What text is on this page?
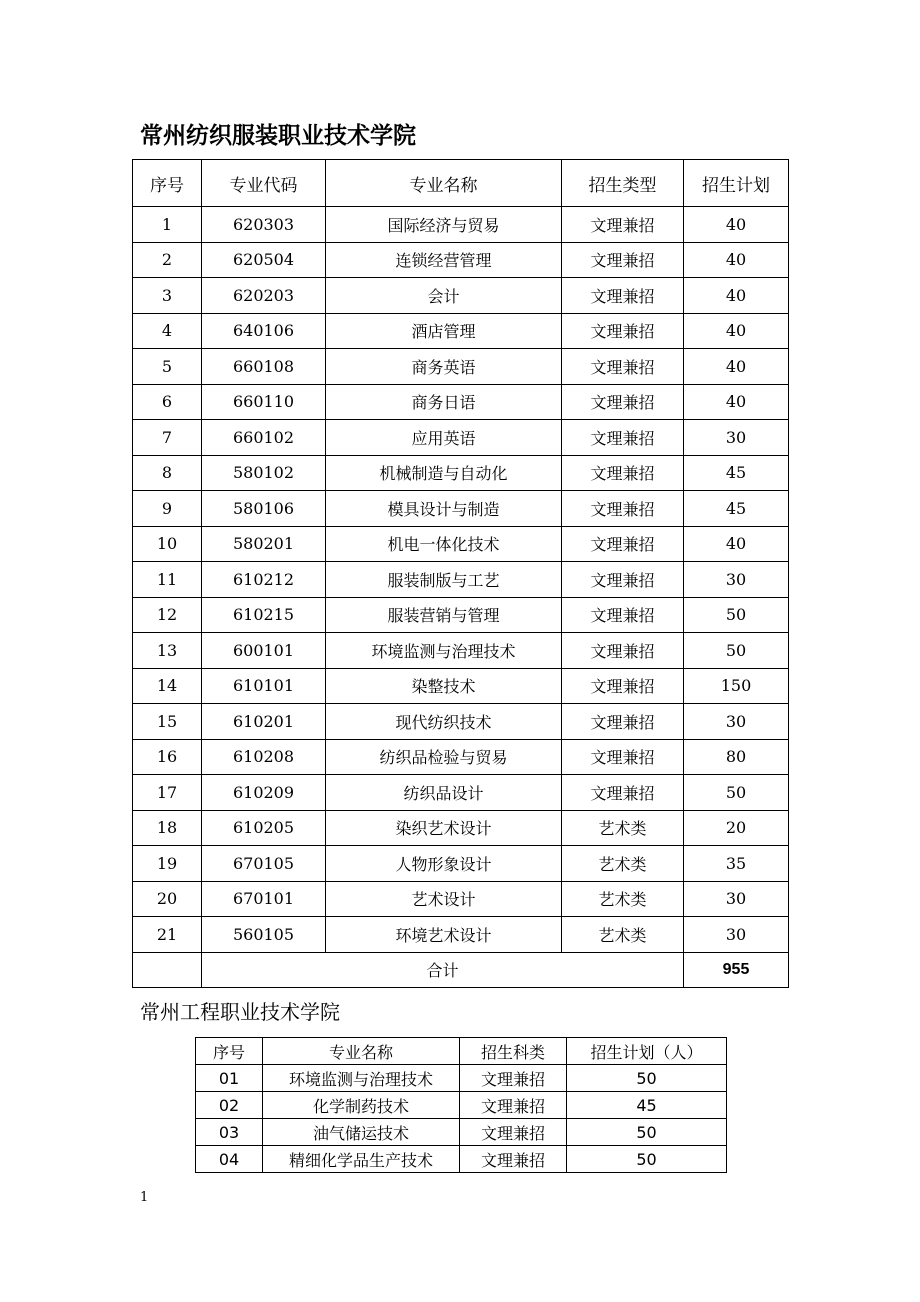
常州纺织服装职业技术学院
序号	专业代码	专业名称	招生类型	招生计划
1	620303	国际经济与贸易	文理兼招	40
2	620504	连锁经营管理	文理兼招	40
3	620203	会计	文理兼招	40
4	640106	酒店管理	文理兼招	40
5	660108	商务英语	文理兼招	40
6	660110	商务日语	文理兼招	40
7	660102	应用英语	文理兼招	30
8	580102	机械制造与自动化	文理兼招	45
9	580106	模具设计与制造	文理兼招	45
10	580201	机电一体化技术	文理兼招	40
11	610212	服装制版与工艺	文理兼招	30
12	610215	服装营销与管理	文理兼招	50
13	600101	环境监测与治理技术	文理兼招	50
14	610101	染整技术	文理兼招	150
15	610201	现代纺织技术	文理兼招	30
16	610208	纺织品检验与贸易	文理兼招	80
17	610209	纺织品设计	文理兼招	50
18	610205	染织艺术设计	艺术类	20
19	670105	人物形象设计	艺术类	35
20	670101	艺术设计	艺术类	30
21	560105	环境艺术设计	艺术类	30
	合计			955
常州工程职业技术学院
序号	专业名称	招生科类	招生计划（人）
01	环境监测与治理技术	文理兼招	50
02	化学制药技术	文理兼招	45
03	油气储运技术	文理兼招	50
04	精细化学品生产技术	文理兼招	50
1
